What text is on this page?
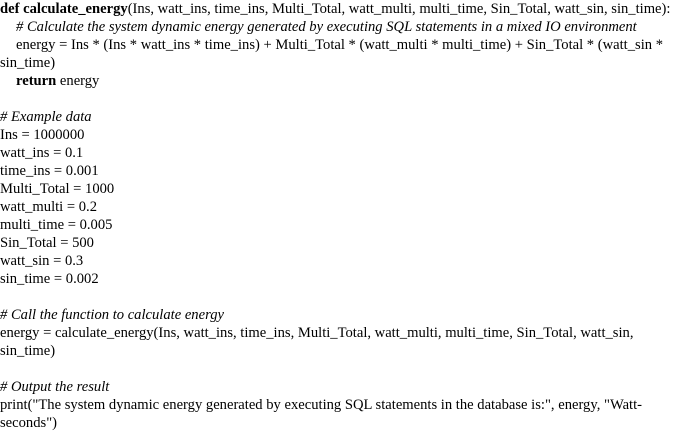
def calculate_energy(Ins, watt_ins, time_ins, Multi_Total, watt_multi, multi_time, Sin_Total, watt_sin, sin_time):
# Calculate the system dynamic energy generated by executing SQL statements in a mixed IO environment
energy = Ins * (Ins * watt_ins * time_ins) + Multi_Total * (watt_multi * multi_time) + Sin_Total * (watt_sin *
sin_time)
return energy
# Example data
Ins = 1000000
watt_ins = 0.1
time_ins = 0.001
Multi_Total = 1000
watt_multi = 0.2
multi_time = 0.005
Sin_Total = 500
watt_sin = 0.3
sin_time = 0.002
# Call the function to calculate energy
energy = calculate_energy(Ins, watt_ins, time_ins, Multi_Total, watt_multi, multi_time, Sin_Total, watt_sin,
sin_time)
# Output the result
print("The system dynamic energy generated by executing SQL statements in the database is:", energy, "Watt-
seconds")
